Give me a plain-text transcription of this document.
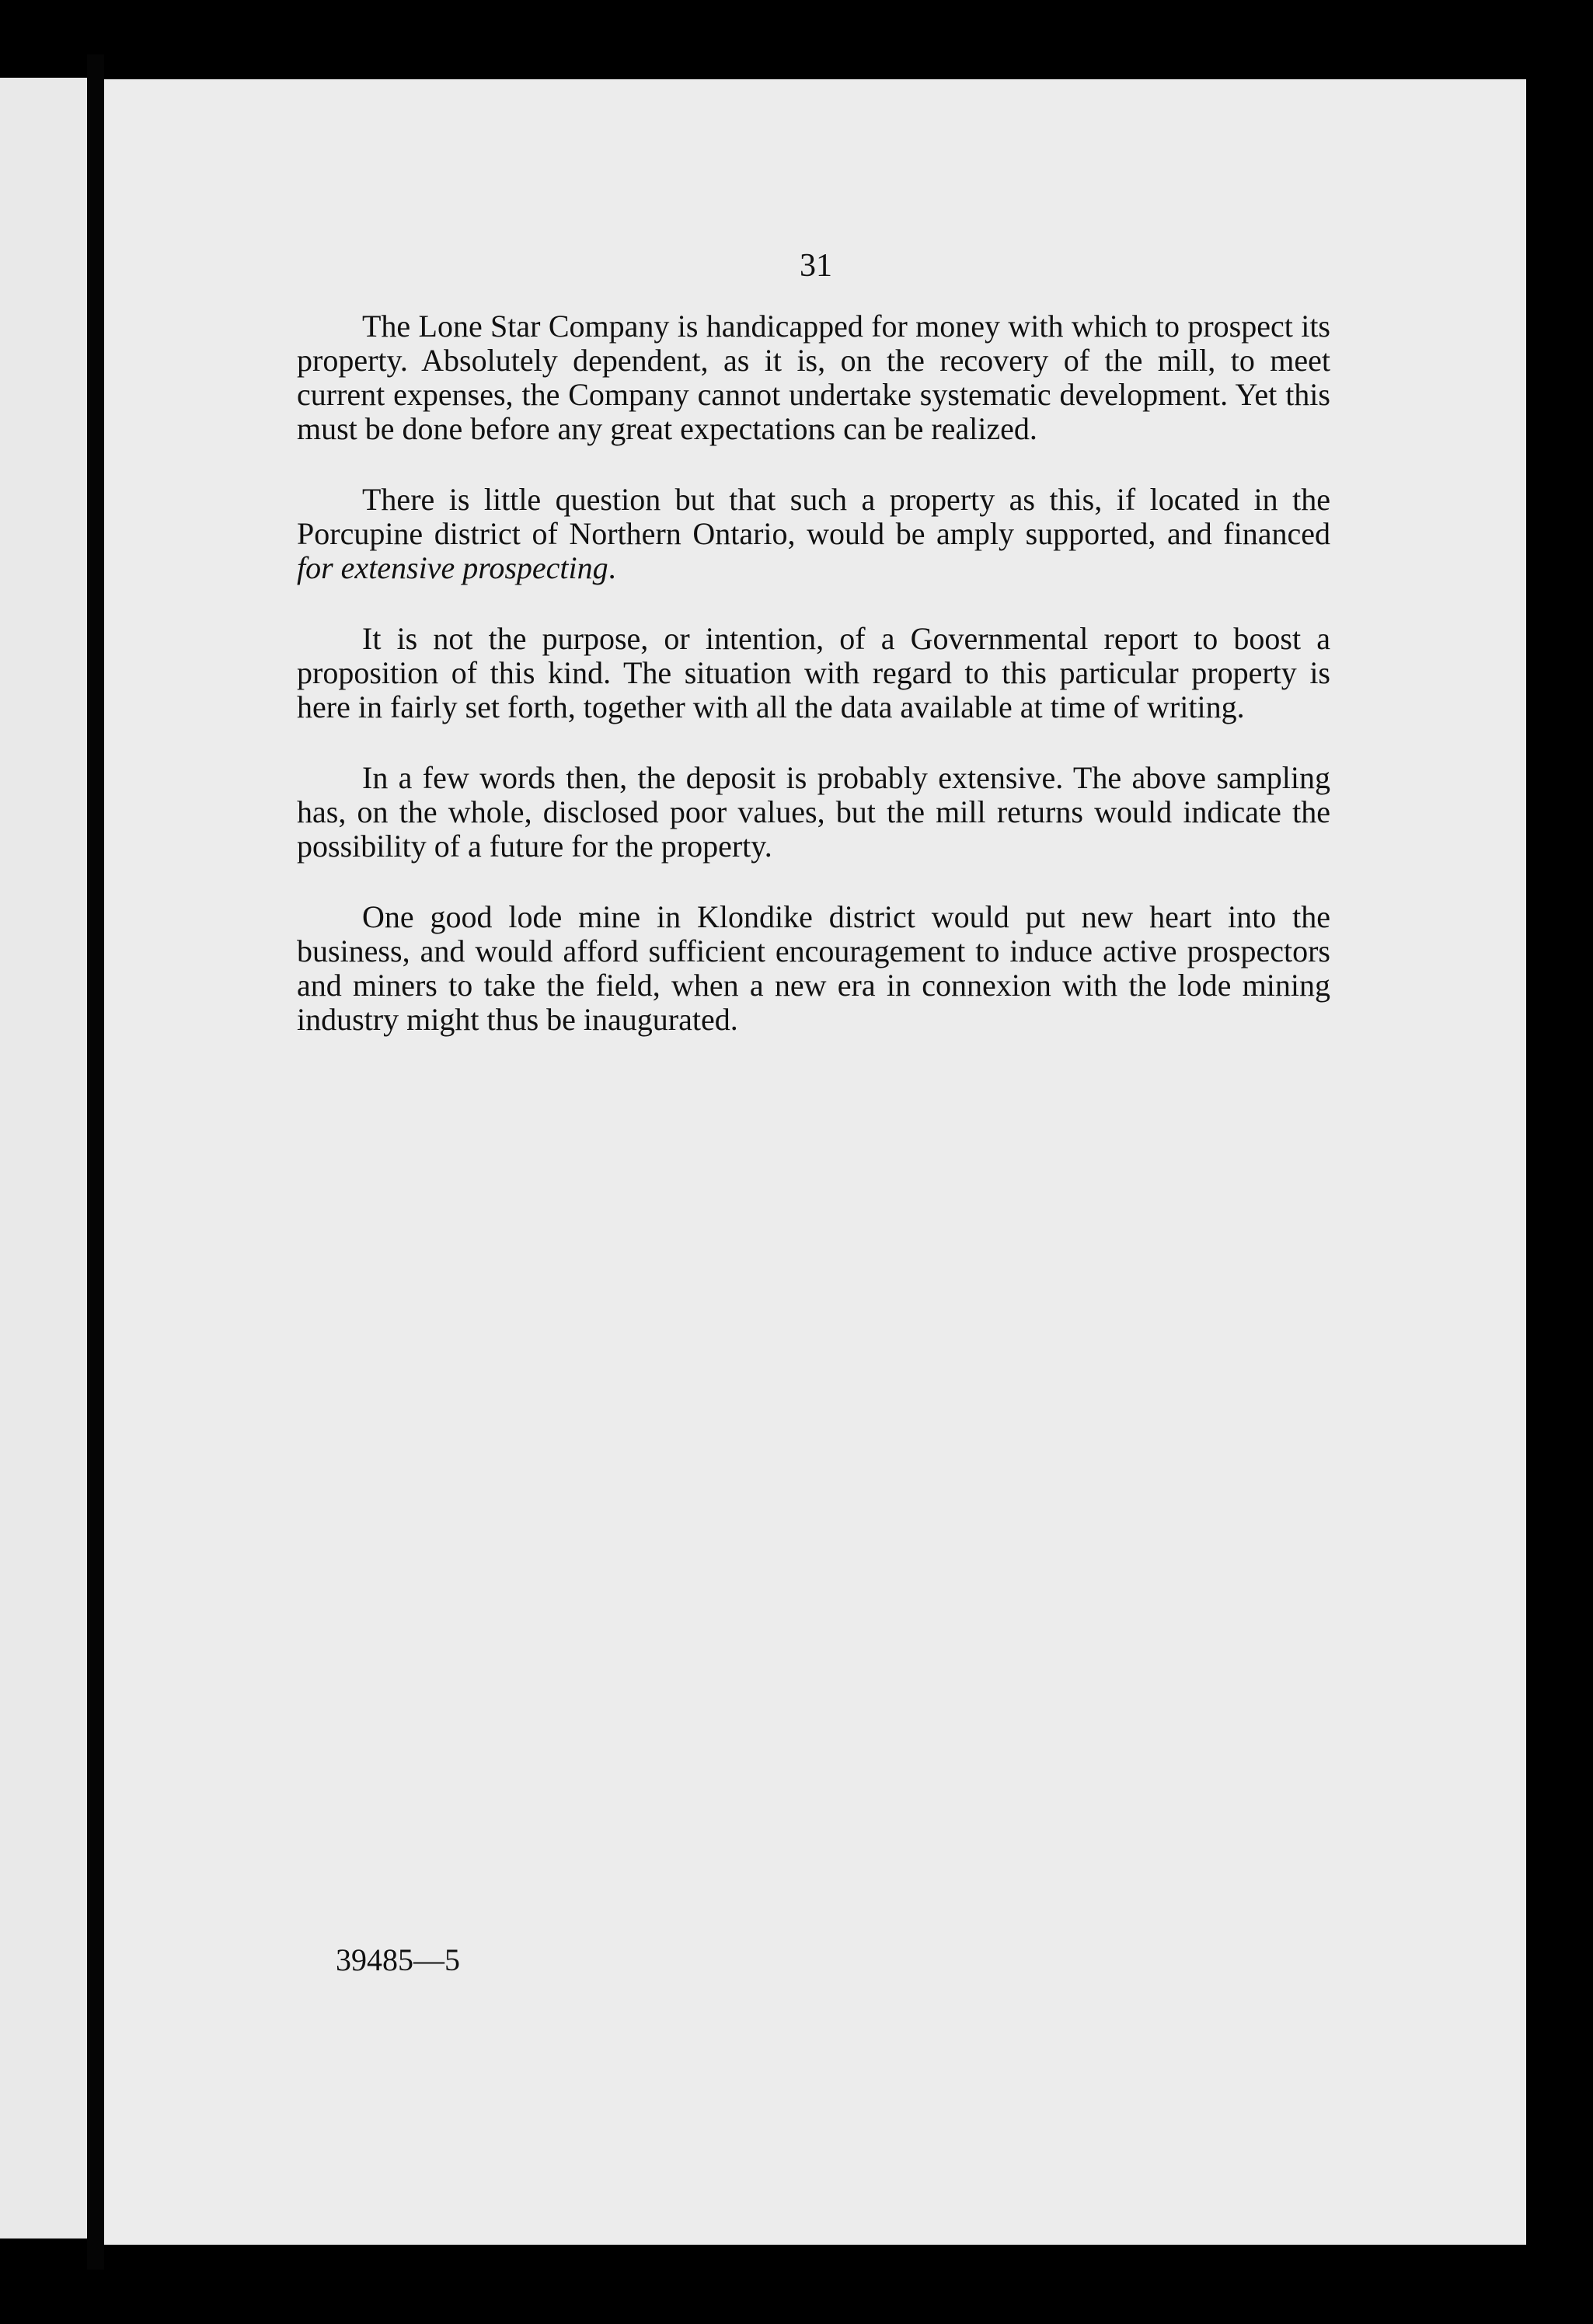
31

The Lone Star Company is handicapped for money with which to prospect its property. Absolutely dependent, as it is, on the recovery of the mill, to meet current expenses, the Company cannot undertake systematic development. Yet this must be done before any great expectations can be realized.

There is little question but that such a property as this, if located in the Porcupine district of Northern Ontario, would be amply supported, and financed for extensive prospecting.

It is not the purpose, or intention, of a Governmental report to boost a proposition of this kind. The situation with regard to this particular property is here in fairly set forth, together with all the data available at time of writing.

In a few words then, the deposit is probably extensive. The above sampling has, on the whole, disclosed poor values, but the mill returns would indicate the possibility of a future for the property.

One good lode mine in Klondike district would put new heart into the business, and would afford sufficient encouragement to induce active prospectors and miners to take the field, when a new era in connexion with the lode mining industry might thus be inaugurated.

39485—5
